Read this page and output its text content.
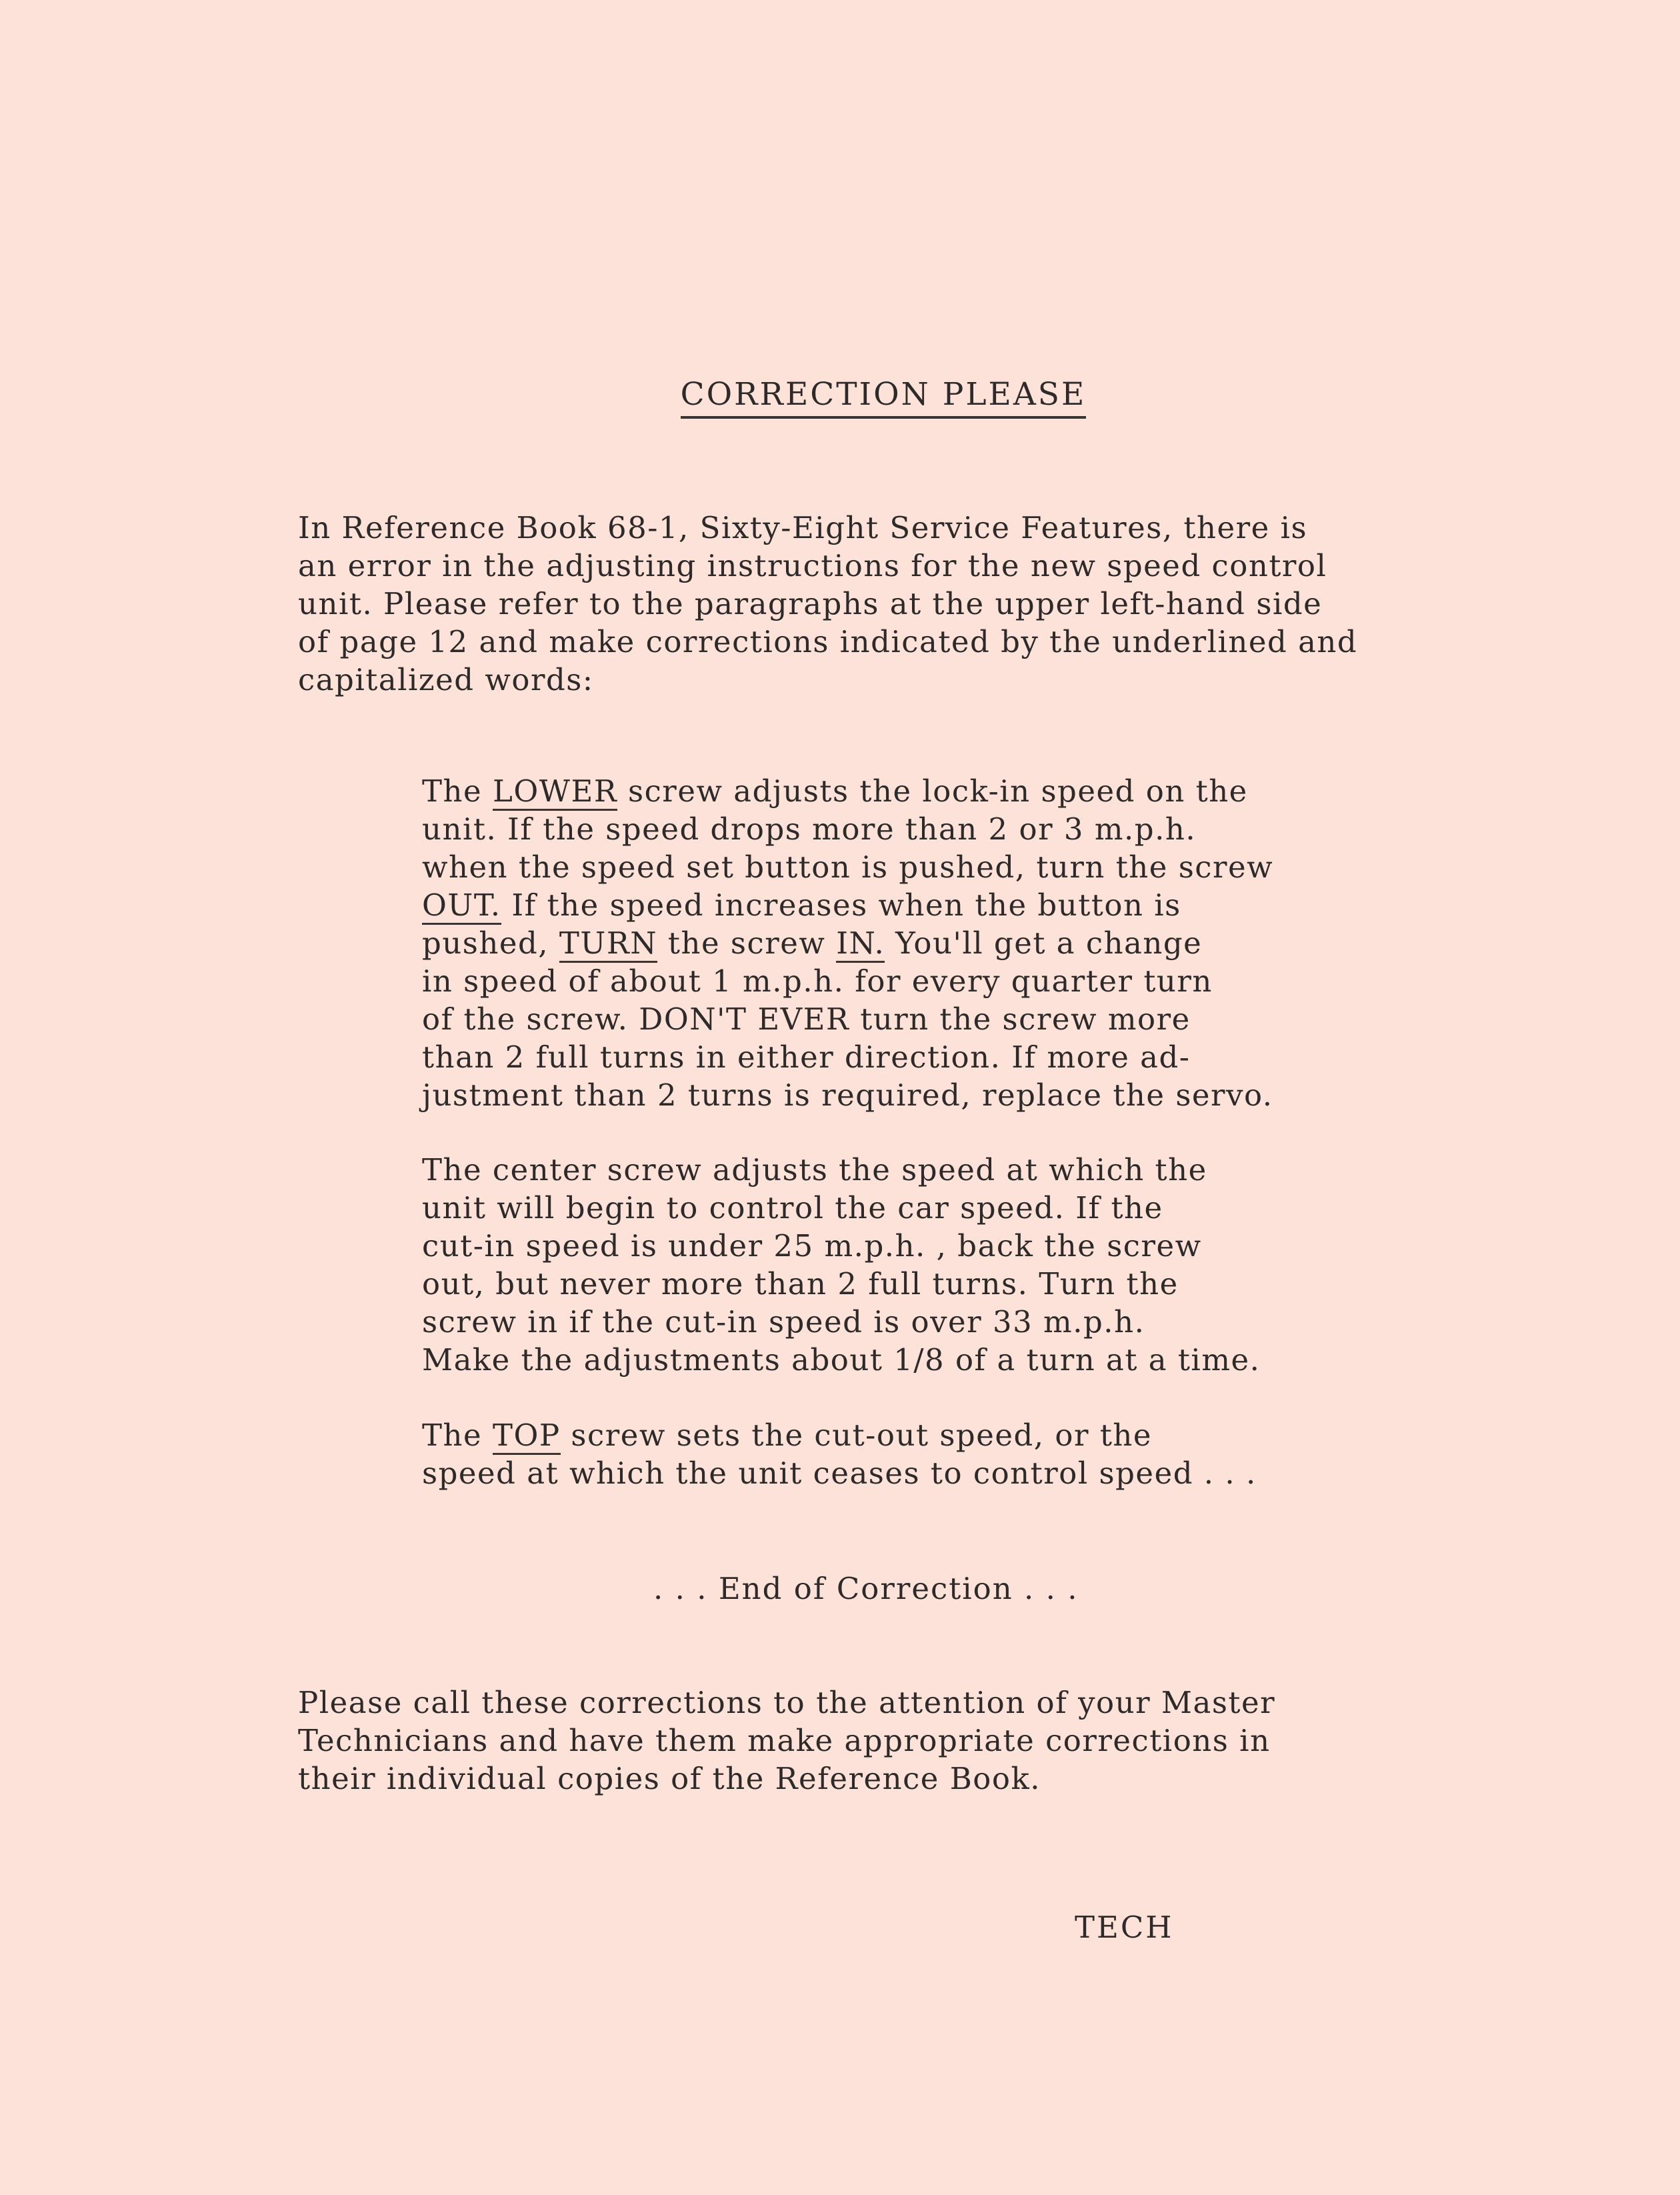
CORRECTION PLEASE
In Reference Book 68-1, Sixty-Eight Service Features, there is
an error in the adjusting instructions for the new speed control
unit. Please refer to the paragraphs at the upper left-hand side
of page 12 and make corrections indicated by the underlined and
capitalized words:
The LOWER screw adjusts the lock-in speed on the
unit. If the speed drops more than 2 or 3 m.p.h.
when the speed set button is pushed, turn the screw
OUT. If the speed increases when the button is
pushed, TURN the screw IN. You'll get a change
in speed of about 1 m.p.h. for every quarter turn
of the screw. DON'T EVER turn the screw more
than 2 full turns in either direction. If more ad-
justment than 2 turns is required, replace the servo.
The center screw adjusts the speed at which the
unit will begin to control the car speed. If the
cut-in speed is under 25 m.p.h. , back the screw
out, but never more than 2 full turns. Turn the
screw in if the cut-in speed is over 33 m.p.h.
Make the adjustments about 1/8 of a turn at a time.
The TOP screw sets the cut-out speed, or the
speed at which the unit ceases to control speed . . .
. . . End of Correction . . .
Please call these corrections to the attention of your Master
Technicians and have them make appropriate corrections in
their individual copies of the Reference Book.
TECH
